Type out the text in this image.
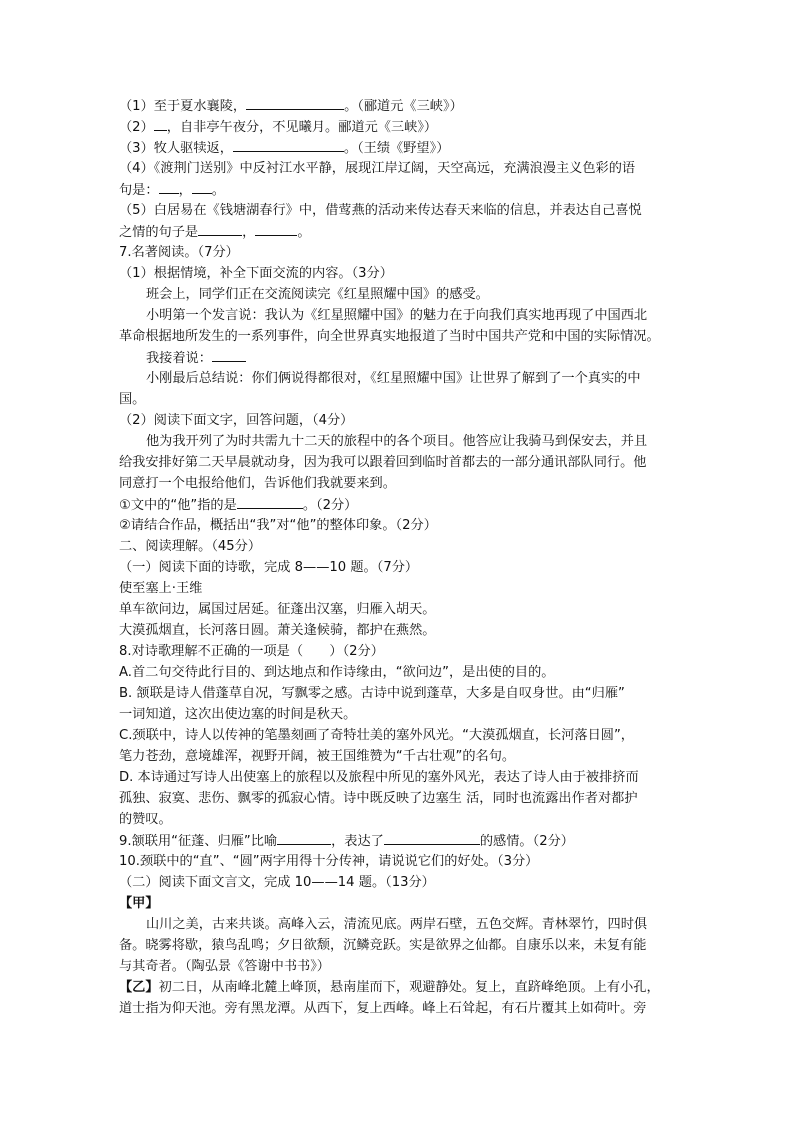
（1）至于夏水襄陵，	。（郦道元《三峡》）
（2） ，自非亭午夜分，不见曦月。郦道元《三峡》）
（3）牧人驱犊返，	。（王绩《野望》）
（4）《渡荆门送别》中反衬江水平静，展现江岸辽阔，天空高远，充满浪漫主义色彩的语
句是： ， 。
（5）白居易在《钱塘湖春行》中，借莺燕的活动来传达春天来临的信息，并表达自己喜悦
之情的句子是	，	。
7.名著阅读。（7分）
（1）根据情境，补全下面交流的内容。（3分）
班会上，同学们正在交流阅读完《红星照耀中国》的感受。
小明第一个发言说：我认为《红星照耀中国》的魅力在于向我们真实地再现了中国西北
革命根据地所发生的一系列事件，向全世界真实地报道了当时中国共产党和中国的实际情况。
我接着说：
小刚最后总结说：你们俩说得都很对，《红星照耀中国》让世界了解到了一个真实的中
国。
（2）阅读下面文字，回答问题，（4分）
他为我开列了为时共需九十二天的旅程中的各个项目。他答应让我骑马到保安去，并且
给我安排好第二天早晨就动身，因为我可以跟着回到临时首都去的一部分通讯部队同行。他
同意打一个电报给他们，告诉他们我就要来到。
①文中的“他”指的是	。（2分）
②请结合作品，概括出“我”对“他”的整体印象。（2分）
二、阅读理解。（45分）
（一）阅读下面的诗歌，完成 8——10 题。（7分）
使至塞上·王维
单车欲问边，属国过居延。征蓬出汉塞，归雁入胡天。
大漠孤烟直，长河落日圆。萧关逢候骑，都护在燕然。
8.对诗歌理解不正确的一项是（　　）（2分）
A.首二句交待此行目的、到达地点和作诗缘由，“欲问边”，是出使的目的。
B. 颔联是诗人借蓬草自况，写飘零之感。古诗中说到蓬草，大多是自叹身世。由“归雁”
一词知道，这次出使边塞的时间是秋天。
C.颈联中，诗人以传神的笔墨刻画了奇特壮美的塞外风光。“大漠孤烟直，长河落日圆”，
笔力苍劲，意境雄浑，视野开阔，被王国维赞为“千古壮观”的名句。
D. 本诗通过写诗人出使塞上的旅程以及旅程中所见的塞外风光，表达了诗人由于被排挤而
孤独、寂寞、悲伤、飘零的孤寂心情。诗中既反映了边塞生 活，同时也流露出作者对都护
的赞叹。
9.颔联用“征蓬、归雁”比喻	，表达了	的感情。（2分）
10.颈联中的“直”、“圆”两字用得十分传神，请说说它们的好处。（3分）
（二）阅读下面文言文，完成 10——14 题。（13分）
【甲】
山川之美，古来共谈。高峰入云，清流见底。两岸石壁，五色交辉。青林翠竹，四时俱
备。晓雾将歇，猿鸟乱鸣；夕日欲颓，沉鳞竞跃。实是欲界之仙都。自康乐以来，未复有能
与其奇者。（陶弘景《答谢中书书》）
【乙】初二日，从南峰北麓上峰顶，悬南崖而下，观避静处。复上，直跻峰绝顶。上有小孔，
道士指为仰天池。旁有黑龙潭。从西下，复上西峰。峰上石耸起，有石片覆其上如荷叶。旁
